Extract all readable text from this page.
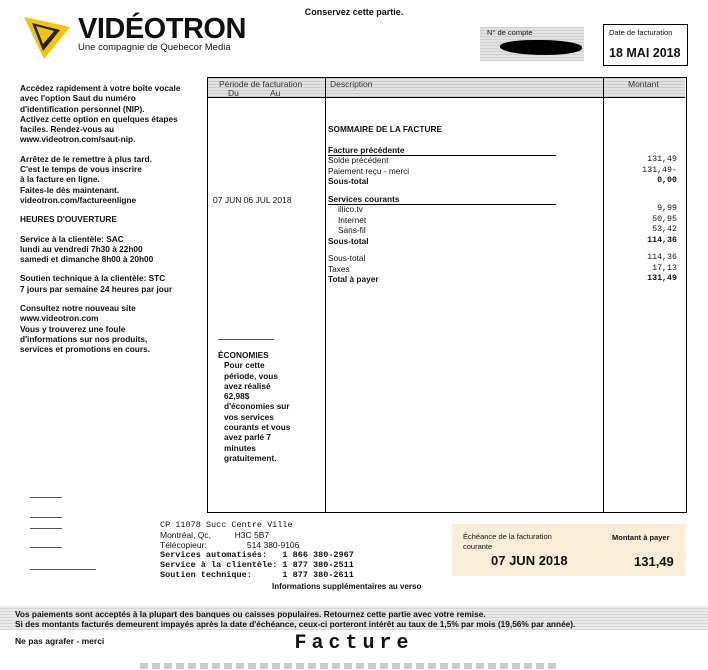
Conservez cette partie.
VIDÉOTRON
Une compagnie de Quebecor Media
N° de compte	Date de facturation
18 MAI 2018

Accédez rapidement à votre boîte vocale
avec l'option Saut du numéro
d'identification personnel (NIP).
Activez cette option en quelques étapes
faciles. Rendez-vous au
www.videotron.com/saut-nip.

Arrêtez de le remettre à plus tard.
C'est le temps de vous inscrire
à la facture en ligne.
Faites-le dès maintenant.
videotron.com/factureenligne

HEURES D'OUVERTURE

Service à la clientèle: SAC
lundi au vendredi 7h30 à 22h00
samedi et dimanche 8h00 à 20h00

Soutien technique à la clientèle: STC
7 jours par semaine 24 heures par jour

Consultez notre nouveau site
www.videotron.com
Vous y trouverez une foule
d'informations sur nos produits,
services et promotions en cours.

Période de facturation
Du	Au
Description	Montant
07 JUN 06 JUL 2018
SOMMAIRE DE LA FACTURE
Facture précédente
Solde précédent	131,49
Paiement reçu - merci	131,49-
Sous-total	0,00
Services courants
illico.tv	9,99
Internet	50,95
Sans-fil	53,42
Sous-total	114,36
Sous-total	114,36
Taxes	17,13
Total à payer	131,49
ÉCONOMIES

Pour cette période, vous avez réalisé 62,98$ d'économies sur vos services courants et vous avez parlé 7 minutes gratuitement.

CP 11078 Succ Centre Ville
Montréal, Qc,          H3C 5B7
Télécopieur:                 514 380-9106
Services automatisés:   1 866 380-2967
Service à la clientèle: 1 877 380-2511
Soutien technique:      1 877 380-2611
Informations supplémentaires au verso
Échéance de la facturation courante
07 JUN 2018
Montant à payer
131,49
Vos paiements sont acceptés à la plupart des banques ou caisses populaires. Retournez cette partie avec votre remise.
Si des montants facturés demeurent impayés après la date d'échéance, ceux-ci porteront intérêt au taux de 1,5% par mois (19,56% par année).
Ne pas agrafer - merci	Facture
